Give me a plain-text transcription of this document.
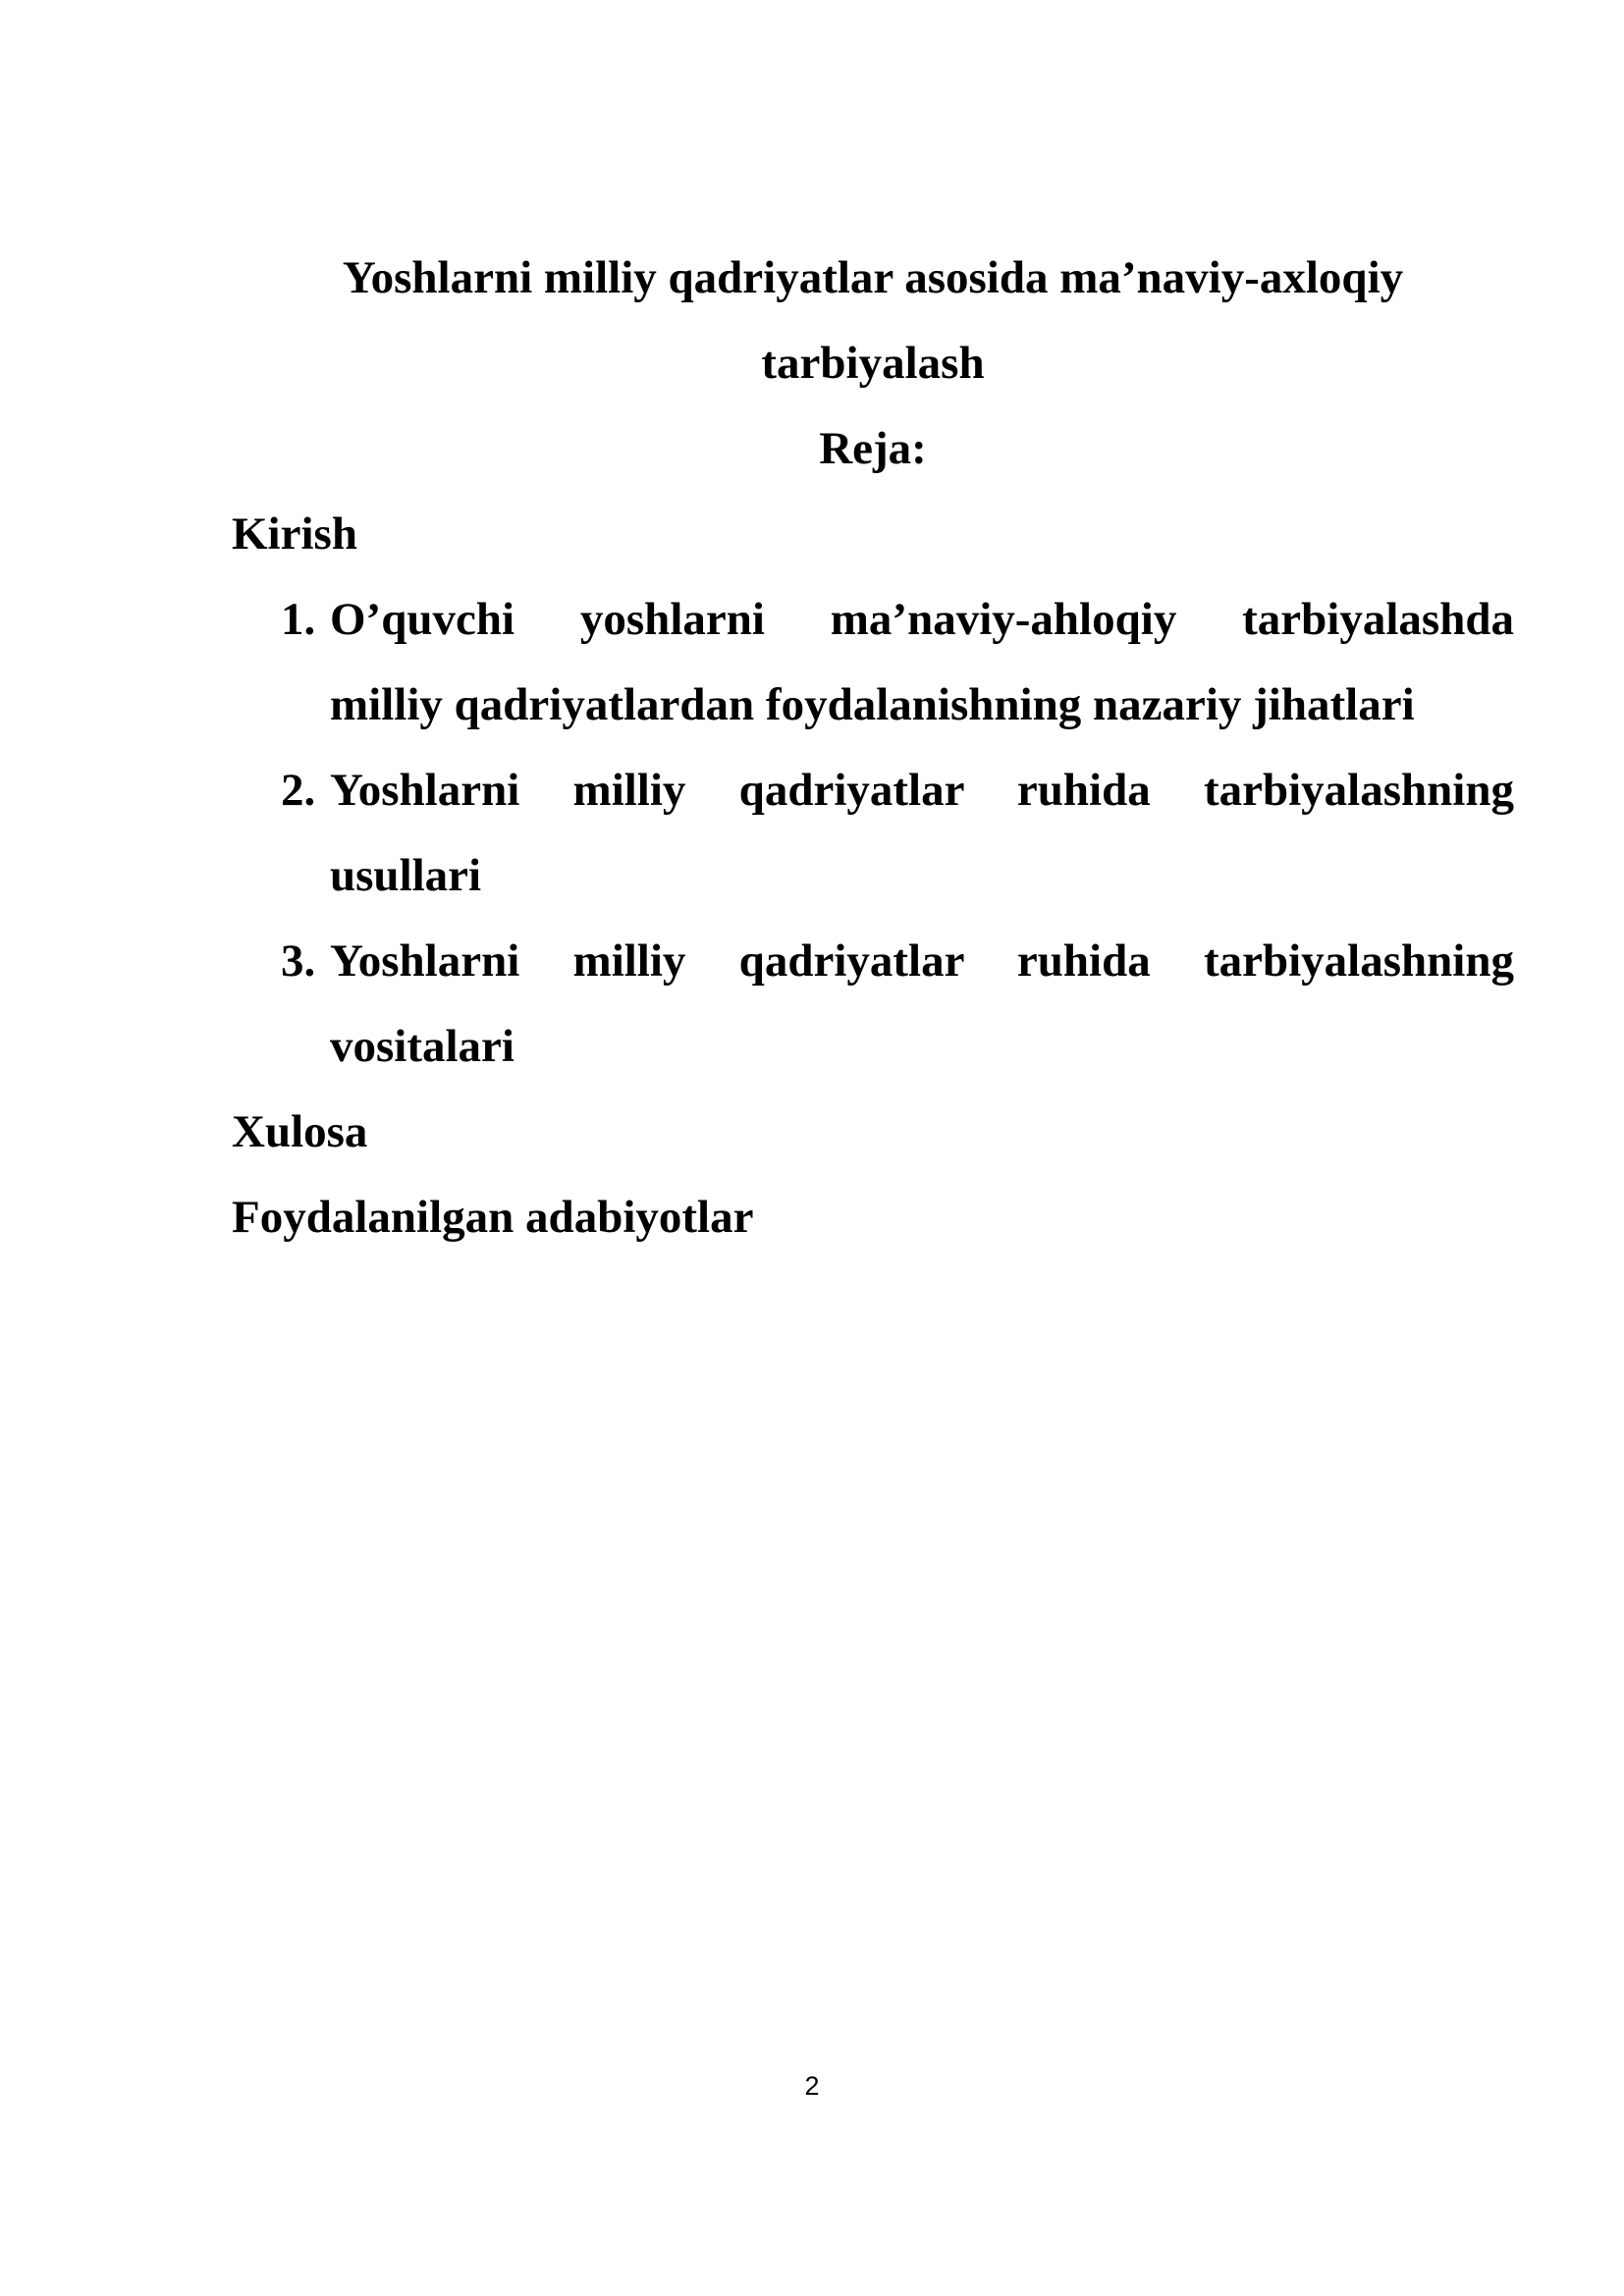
Yoshlarni milliy qadriyatlar asosida ma’naviy-axloqiy
tarbiyalash
Reja:
Kirish
1. O’quvchi yoshlarni ma’naviy-ahloqiy tarbiyalashda
milliy qadriyatlardan foydalanishning nazariy jihatlari
2. Yoshlarni milliy qadriyatlar ruhida tarbiyalashning
usullari
3. Yoshlarni milliy qadriyatlar ruhida tarbiyalashning
vositalari
Xulosa
Foydalanilgan adabiyotlar
2
